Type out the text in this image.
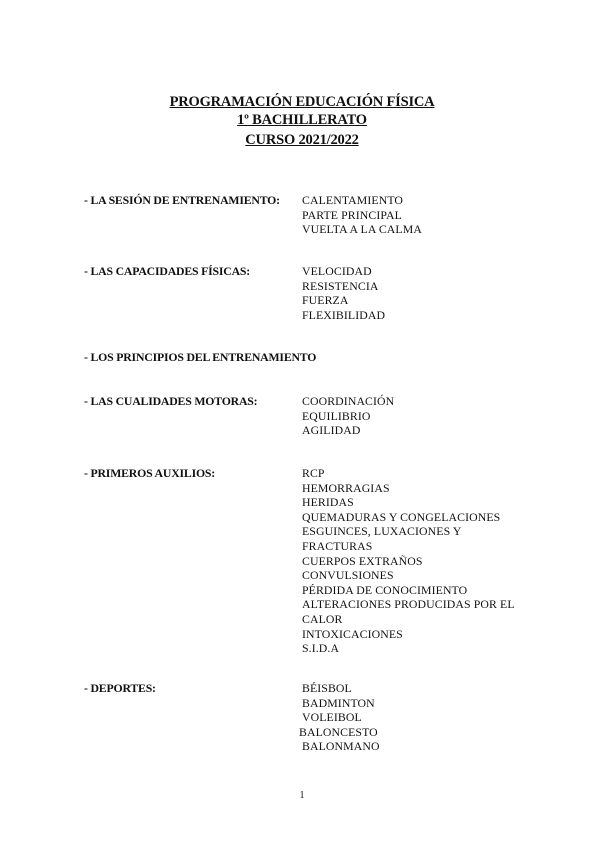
PROGRAMACIÓN EDUCACIÓN FÍSICA
1º BACHILLERATO
CURSO 2021/2022
- LA SESIÓN DE ENTRENAMIENTO: CALENTAMIENTO
PARTE PRINCIPAL
VUELTA A LA CALMA
- LAS CAPACIDADES FÍSICAS:	VELOCIDAD
RESISTENCIA
FUERZA
FLEXIBILIDAD
- LOS PRINCIPIOS DEL ENTRENAMIENTO
- LAS CUALIDADES MOTORAS:	COORDINACIÓN
EQUILIBRIO
AGILIDAD
- PRIMEROS AUXILIOS:	RCP
HEMORRAGIAS
HERIDAS
QUEMADURAS Y CONGELACIONES
ESGUINCES, LUXACIONES Y
FRACTURAS
CUERPOS EXTRAÑOS
CONVULSIONES
PÉRDIDA DE CONOCIMIENTO
ALTERACIONES PRODUCIDAS POR EL
CALOR
INTOXICACIONES
S.I.D.A
- DEPORTES:	BÉISBOL
BADMINTON
VOLEIBOL
BALONCESTO
BALONMANO
1
